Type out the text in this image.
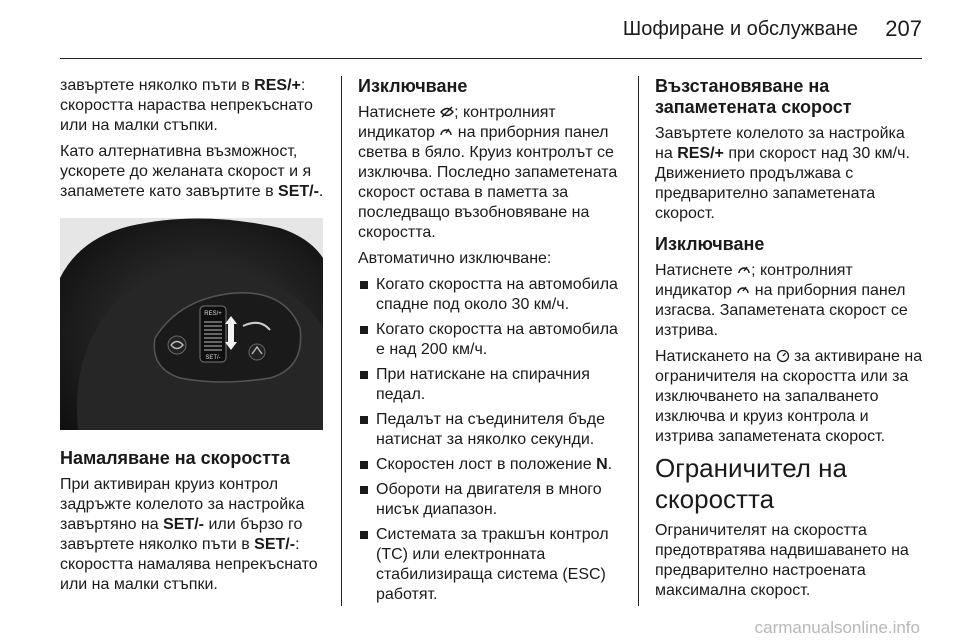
Шофиране и обслужване 207

завъртете няколко пъти в RES/+: скоростта нараства непрекъснато или на малки стъпки.

Като алтернативна възможност, ускорете до желаната скорост и я запаметете като завъртите в SET/-.

RES/+
SET/-

Намаляване на скоростта

При активиран круиз контрол задръжте колелото за настройка завъртяно на SET/- или бързо го завъртете няколко пъти в SET/-: скоростта намалява непрекъснато или на малки стъпки.

Изключване

Натиснете ; контролният индикатор  на приборния панел светва в бяло. Круиз контролът се изключва. Последно запаметената скорост остава в паметта за последващо възобновяване на скоростта.

Автоматично изключване:

Когато скоростта на автомобила спадне под около 30 км/ч.
Когато скоростта на автомобила е над 200 км/ч.
При натискане на спирачния педал.
Педалът на съединителя бъде натиснат за няколко секунди.
Скоростен лост в положение N.
Обороти на двигателя в много нисък диапазон.
Системата за тракшън контрол (TC) или електронната стабилизираща система (ESC) работят.

Възстановяване на запаметената скорост

Завъртете колелото за настройка на RES/+ при скорост над 30 км/ч. Движението продължава с предварително запаметената скорост.

Изключване

Натиснете ; контролният индикатор  на приборния панел изгасва. Запаметената скорост се изтрива.

Натискането на  за активиране на ограничителя на скоростта или за изключването на запалването изключва и круиз контрола и изтрива запаметената скорост.

Ограничител на скоростта

Ограничителят на скоростта предотвратява надвишаването на предварително настроената максимална скорост.

carmanualsonline.info
